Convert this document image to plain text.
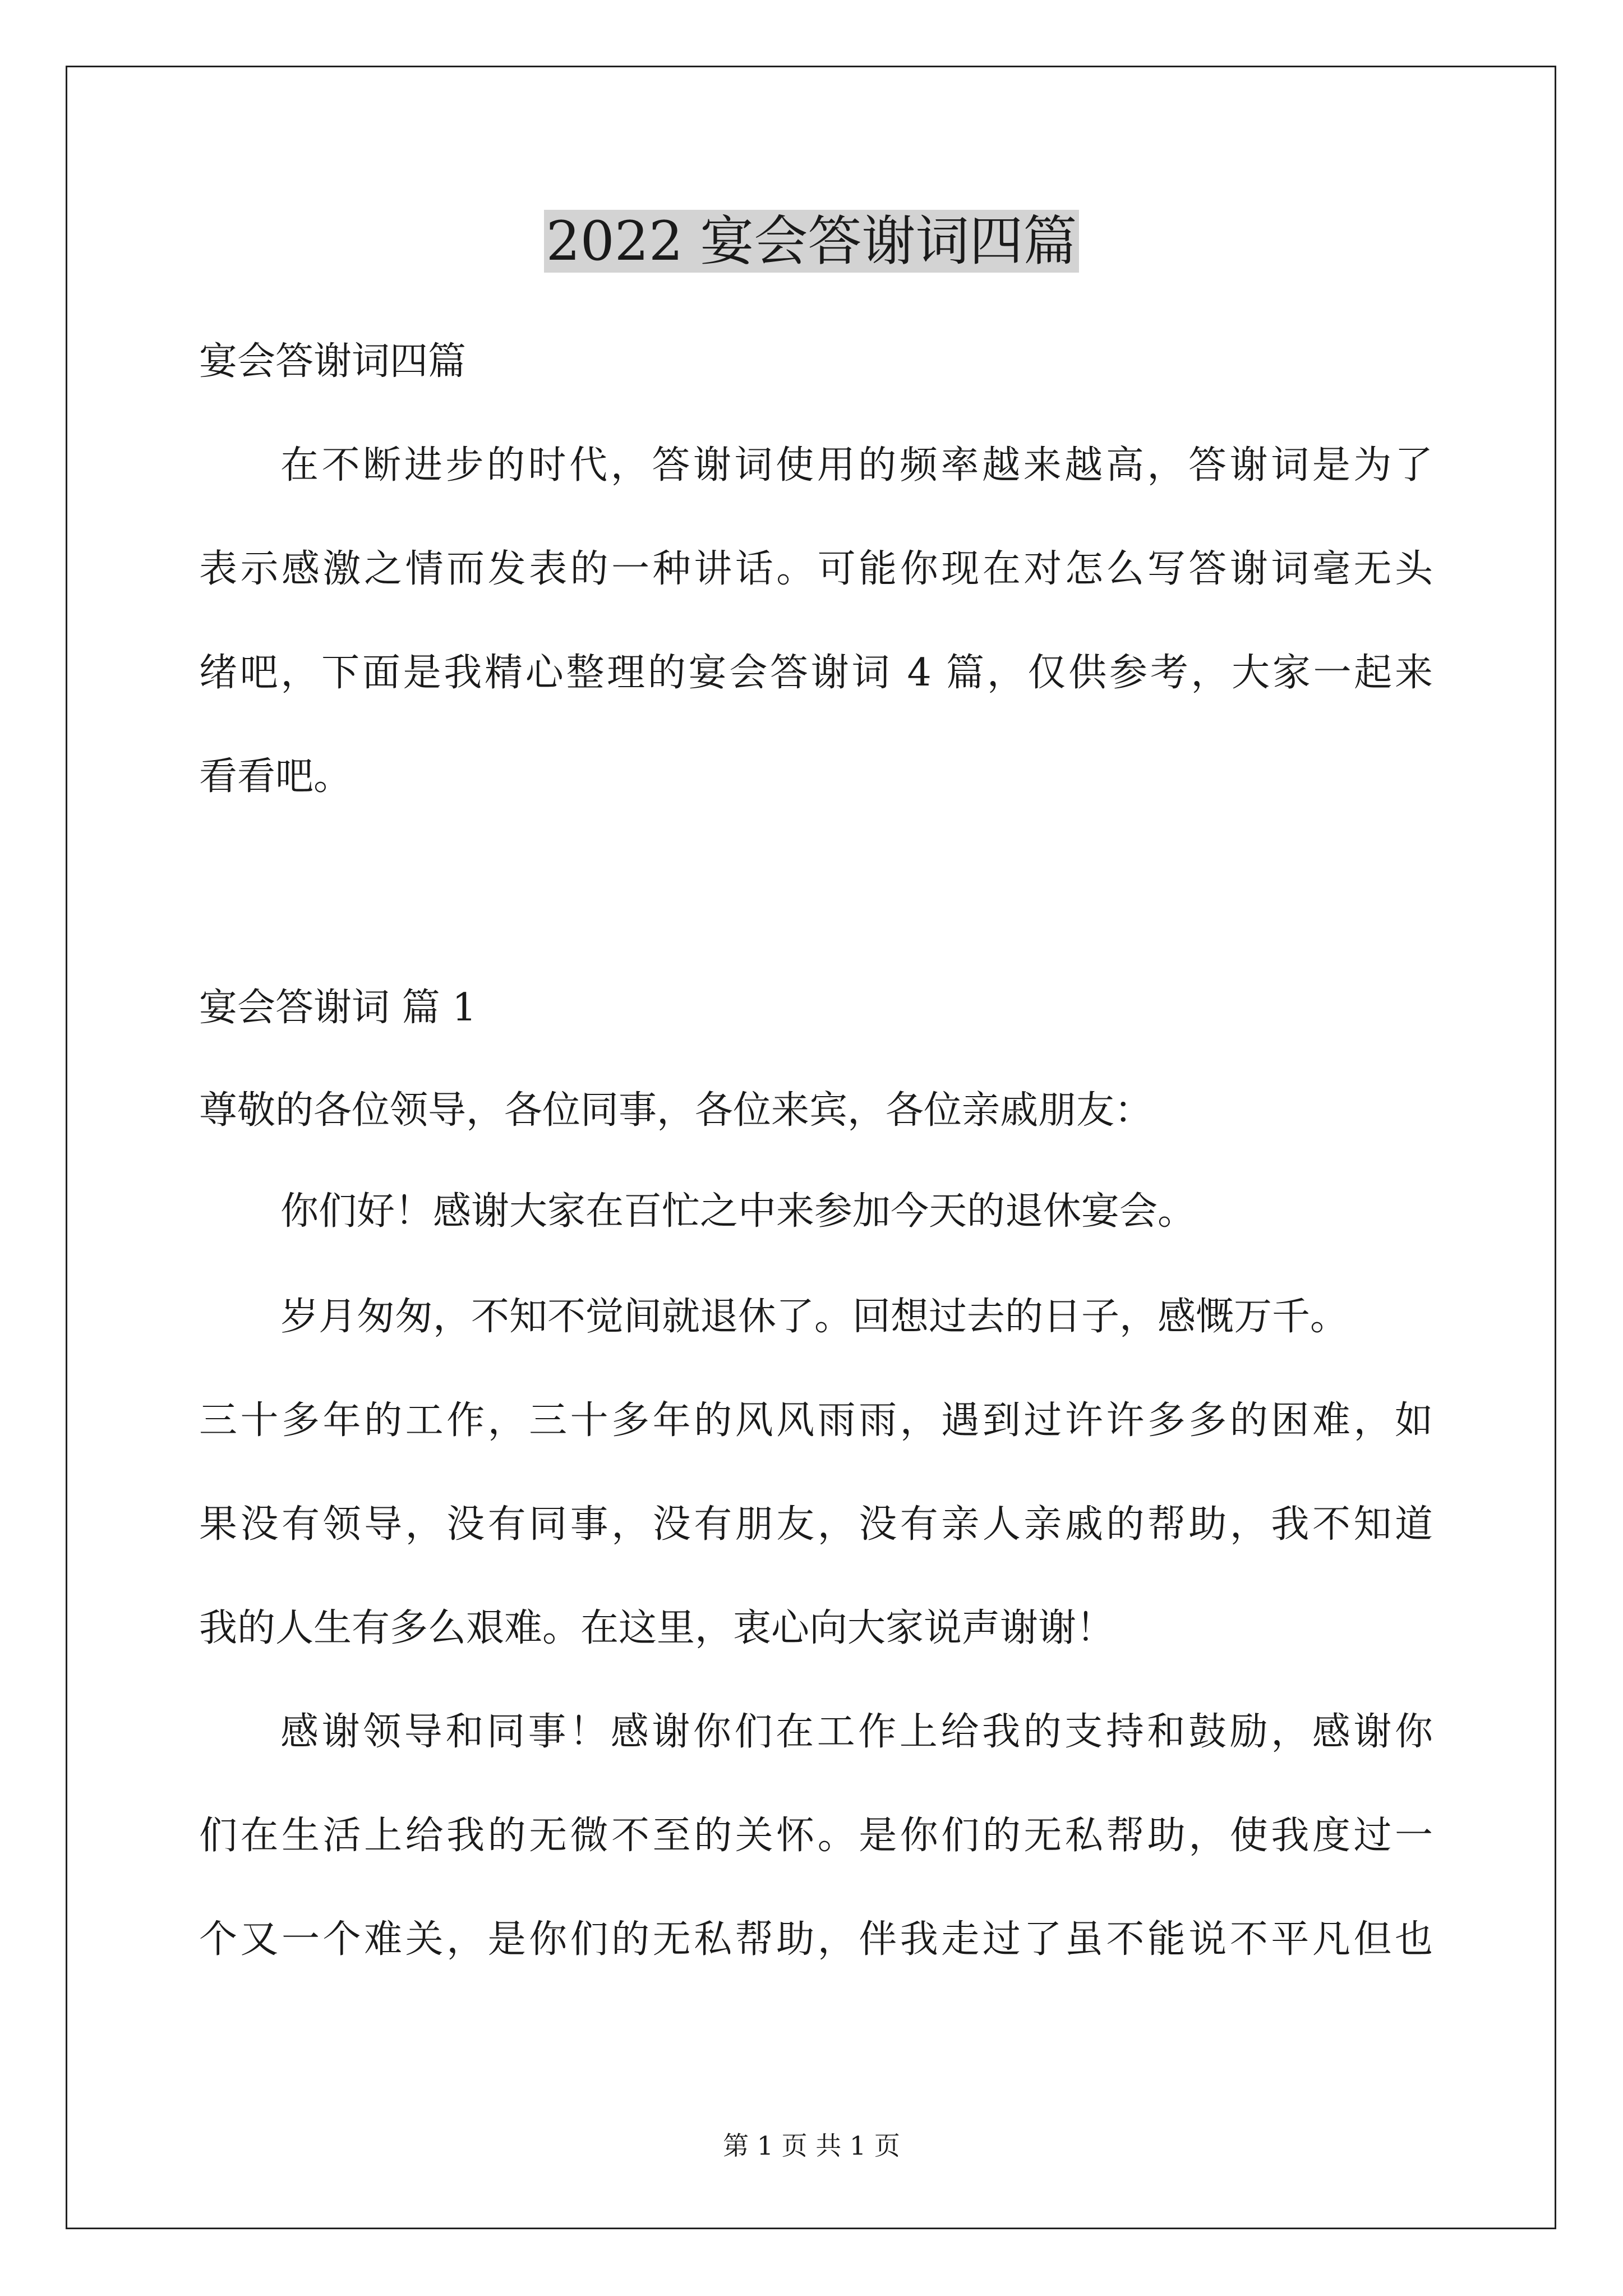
2022 宴会答谢词四篇

宴会答谢词四篇

在不断进步的时代，答谢词使用的频率越来越高，答谢词是为了

表示感激之情而发表的一种讲话。可能你现在对怎么写答谢词毫无头

绪吧，下面是我精心整理的宴会答谢词 4 篇，仅供参考，大家一起来

看看吧。

宴会答谢词 篇 1

尊敬的各位领导，各位同事，各位来宾，各位亲戚朋友：

你们好！感谢大家在百忙之中来参加今天的退休宴会。

岁月匆匆，不知不觉间就退休了。回想过去的日子，感慨万千。

三十多年的工作，三十多年的风风雨雨，遇到过许许多多的困难，如

果没有领导，没有同事，没有朋友，没有亲人亲戚的帮助，我不知道

我的人生有多么艰难。在这里，衷心向大家说声谢谢！

感谢领导和同事！感谢你们在工作上给我的支持和鼓励，感谢你

们在生活上给我的无微不至的关怀。是你们的无私帮助，使我度过一

个又一个难关，是你们的无私帮助，伴我走过了虽不能说不平凡但也

第 1 页 共 1 页
